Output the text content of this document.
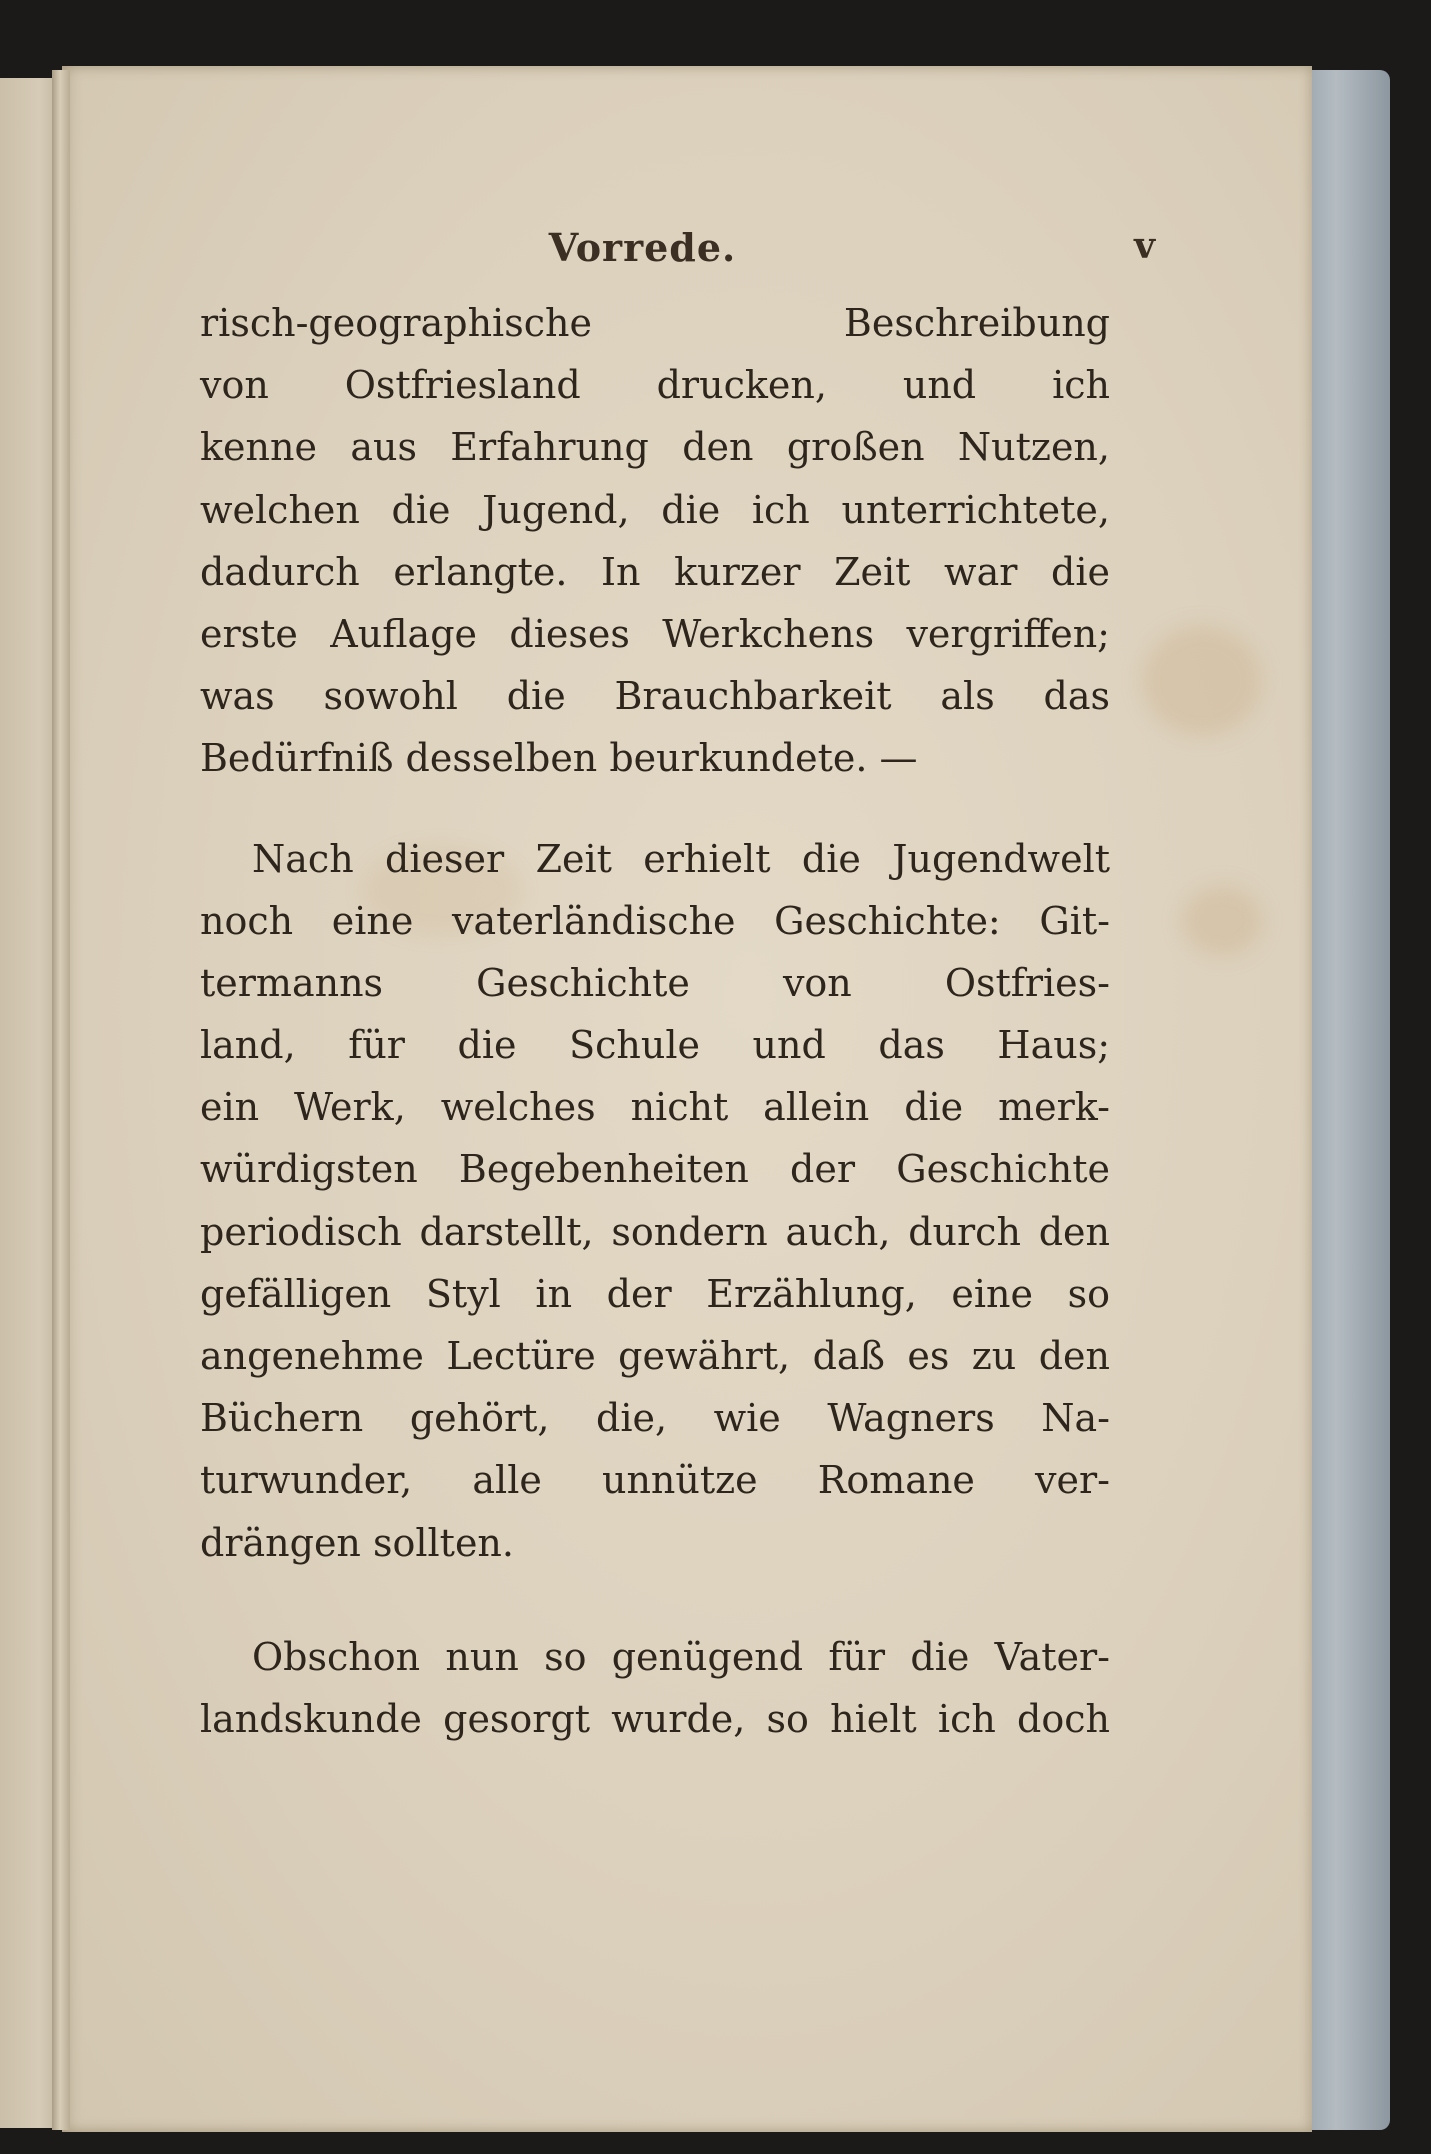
Vorrede.	v
risch-geographische Beschreibung
von Ostfriesland drucken, und ich
kenne aus Erfahrung den großen Nutzen,
welchen die Jugend, die ich unterrichtete,
dadurch erlangte. In kurzer Zeit war die
erste Auflage dieses Werkchens vergriffen;
was sowohl die Brauchbarkeit als das
Bedürfniß desselben beurkundete. —
Nach dieser Zeit erhielt die Jugendwelt
noch eine vaterländische Geschichte: Git-
termanns Geschichte von Ostfries-
land, für die Schule und das Haus;
ein Werk, welches nicht allein die merk-
würdigsten Begebenheiten der Geschichte
periodisch darstellt, sondern auch, durch den
gefälligen Styl in der Erzählung, eine so
angenehme Lectüre gewährt, daß es zu den
Büchern gehört, die, wie Wagners Na-
turwunder, alle unnütze Romane ver-
drängen sollten.
Obschon nun so genügend für die Vater-
landskunde gesorgt wurde, so hielt ich doch
